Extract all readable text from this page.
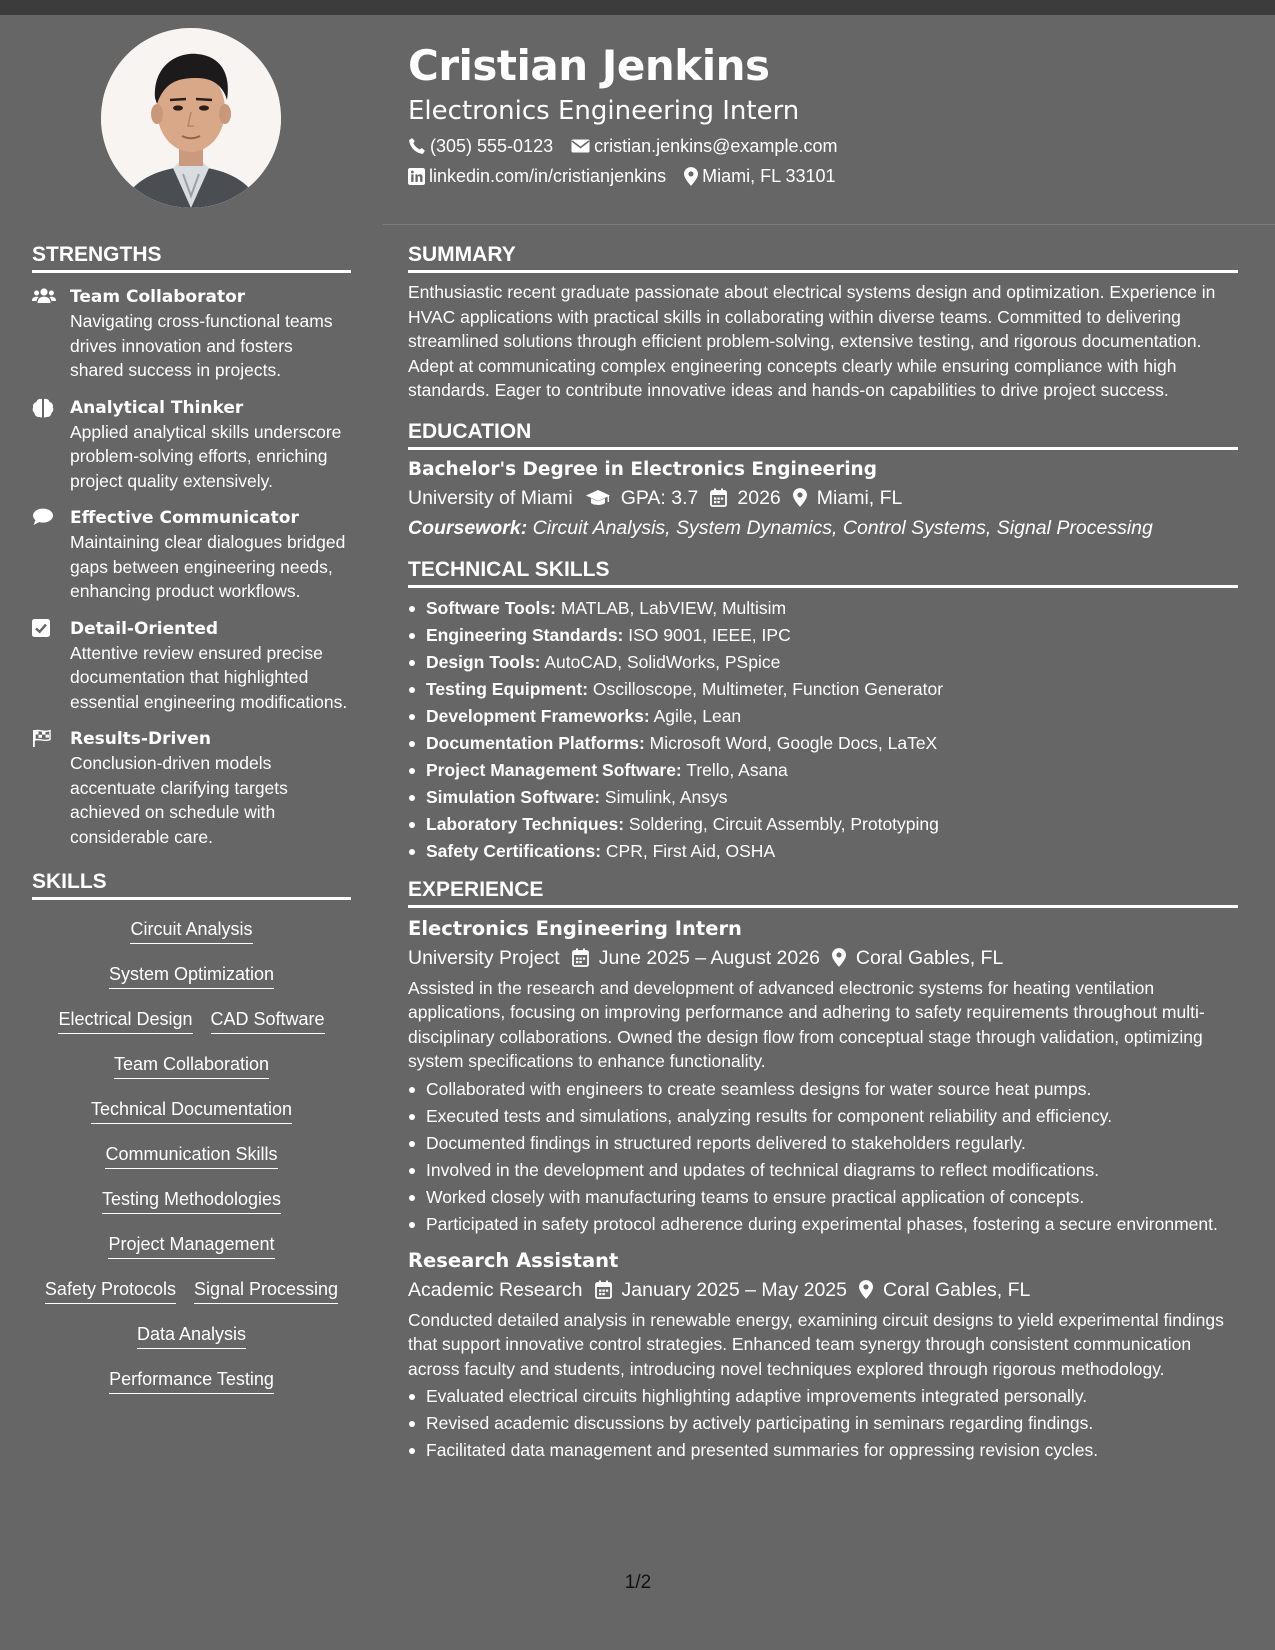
Cristian Jenkins
Electronics Engineering Intern
(305) 555-0123 cristian.jenkins@example.com
linkedin.com/in/cristianjenkins Miami, FL 33101
STRENGTHS
Team Collaborator
Navigating cross-functional teams drives innovation and fosters shared success in projects.
Analytical Thinker
Applied analytical skills underscore problem-solving efforts, enriching project quality extensively.
Effective Communicator
Maintaining clear dialogues bridged gaps between engineering needs, enhancing product workflows.
Detail-Oriented
Attentive review ensured precise documentation that highlighted essential engineering modifications.
Results-Driven
Conclusion-driven models accentuate clarifying targets achieved on schedule with considerable care.
SKILLS
Circuit Analysis
System Optimization
Electrical Design CAD Software
Team Collaboration
Technical Documentation
Communication Skills
Testing Methodologies
Project Management
Safety Protocols Signal Processing
Data Analysis
Performance Testing
SUMMARY
Enthusiastic recent graduate passionate about electrical systems design and optimization. Experience in HVAC applications with practical skills in collaborating within diverse teams. Committed to delivering streamlined solutions through efficient problem-solving, extensive testing, and rigorous documentation. Adept at communicating complex engineering concepts clearly while ensuring compliance with high standards. Eager to contribute innovative ideas and hands-on capabilities to drive project success.
EDUCATION
Bachelor's Degree in Electronics Engineering
University of Miami GPA: 3.7 2026 Miami, FL
Coursework: Circuit Analysis, System Dynamics, Control Systems, Signal Processing
TECHNICAL SKILLS
Software Tools: MATLAB, LabVIEW, Multisim
Engineering Standards: ISO 9001, IEEE, IPC
Design Tools: AutoCAD, SolidWorks, PSpice
Testing Equipment: Oscilloscope, Multimeter, Function Generator
Development Frameworks: Agile, Lean
Documentation Platforms: Microsoft Word, Google Docs, LaTeX
Project Management Software: Trello, Asana
Simulation Software: Simulink, Ansys
Laboratory Techniques: Soldering, Circuit Assembly, Prototyping
Safety Certifications: CPR, First Aid, OSHA
EXPERIENCE
Electronics Engineering Intern
University Project June 2025 – August 2026 Coral Gables, FL
Assisted in the research and development of advanced electronic systems for heating ventilation applications, focusing on improving performance and adhering to safety requirements throughout multi-disciplinary collaborations. Owned the design flow from conceptual stage through validation, optimizing system specifications to enhance functionality.
Collaborated with engineers to create seamless designs for water source heat pumps.
Executed tests and simulations, analyzing results for component reliability and efficiency.
Documented findings in structured reports delivered to stakeholders regularly.
Involved in the development and updates of technical diagrams to reflect modifications.
Worked closely with manufacturing teams to ensure practical application of concepts.
Participated in safety protocol adherence during experimental phases, fostering a secure environment.
Research Assistant
Academic Research January 2025 – May 2025 Coral Gables, FL
Conducted detailed analysis in renewable energy, examining circuit designs to yield experimental findings that support innovative control strategies. Enhanced team synergy through consistent communication across faculty and students, introducing novel techniques explored through rigorous methodology.
Evaluated electrical circuits highlighting adaptive improvements integrated personally.
Revised academic discussions by actively participating in seminars regarding findings.
Facilitated data management and presented summaries for oppressing revision cycles.
1/2
